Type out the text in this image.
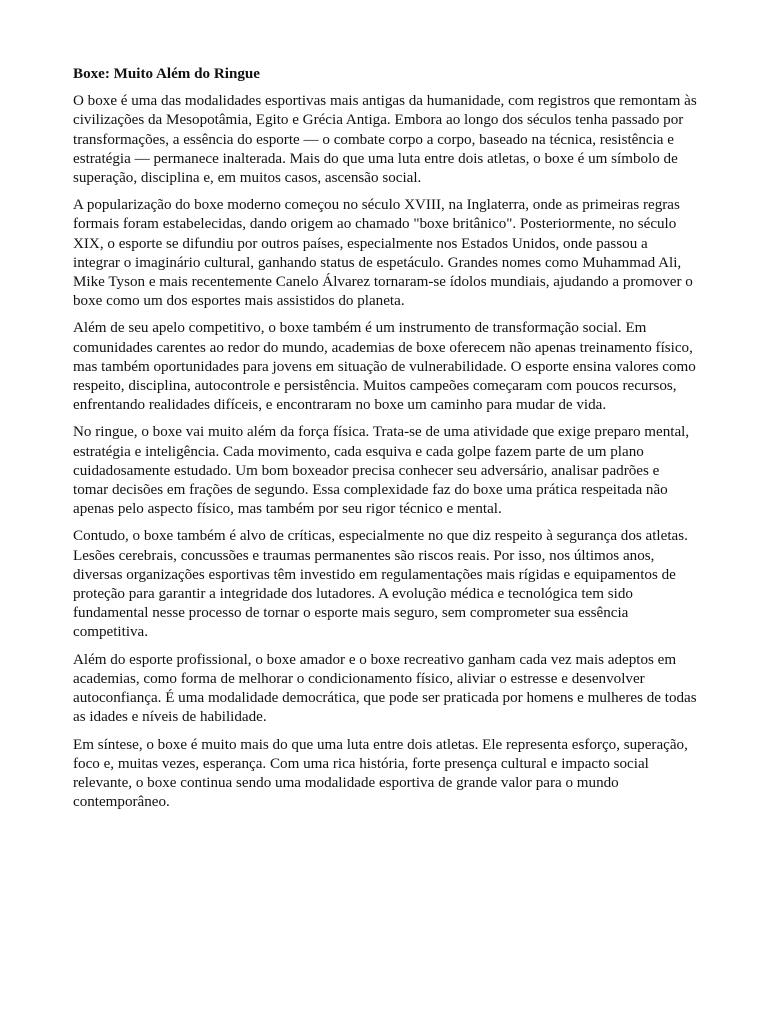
Boxe: Muito Além do Ringue

O boxe é uma das modalidades esportivas mais antigas da humanidade, com registros que remontam às civilizações da Mesopotâmia, Egito e Grécia Antiga. Embora ao longo dos séculos tenha passado por transformações, a essência do esporte — o combate corpo a corpo, baseado na técnica, resistência e estratégia — permanece inalterada. Mais do que uma luta entre dois atletas, o boxe é um símbolo de superação, disciplina e, em muitos casos, ascensão social.

A popularização do boxe moderno começou no século XVIII, na Inglaterra, onde as primeiras regras formais foram estabelecidas, dando origem ao chamado "boxe britânico". Posteriormente, no século XIX, o esporte se difundiu por outros países, especialmente nos Estados Unidos, onde passou a integrar o imaginário cultural, ganhando status de espetáculo. Grandes nomes como Muhammad Ali, Mike Tyson e mais recentemente Canelo Álvarez tornaram-se ídolos mundiais, ajudando a promover o boxe como um dos esportes mais assistidos do planeta.

Além de seu apelo competitivo, o boxe também é um instrumento de transformação social. Em comunidades carentes ao redor do mundo, academias de boxe oferecem não apenas treinamento físico, mas também oportunidades para jovens em situação de vulnerabilidade. O esporte ensina valores como respeito, disciplina, autocontrole e persistência. Muitos campeões começaram com poucos recursos, enfrentando realidades difíceis, e encontraram no boxe um caminho para mudar de vida.

No ringue, o boxe vai muito além da força física. Trata-se de uma atividade que exige preparo mental, estratégia e inteligência. Cada movimento, cada esquiva e cada golpe fazem parte de um plano cuidadosamente estudado. Um bom boxeador precisa conhecer seu adversário, analisar padrões e tomar decisões em frações de segundo. Essa complexidade faz do boxe uma prática respeitada não apenas pelo aspecto físico, mas também por seu rigor técnico e mental.

Contudo, o boxe também é alvo de críticas, especialmente no que diz respeito à segurança dos atletas. Lesões cerebrais, concussões e traumas permanentes são riscos reais. Por isso, nos últimos anos, diversas organizações esportivas têm investido em regulamentações mais rígidas e equipamentos de proteção para garantir a integridade dos lutadores. A evolução médica e tecnológica tem sido fundamental nesse processo de tornar o esporte mais seguro, sem comprometer sua essência competitiva.

Além do esporte profissional, o boxe amador e o boxe recreativo ganham cada vez mais adeptos em academias, como forma de melhorar o condicionamento físico, aliviar o estresse e desenvolver autoconfiança. É uma modalidade democrática, que pode ser praticada por homens e mulheres de todas as idades e níveis de habilidade.

Em síntese, o boxe é muito mais do que uma luta entre dois atletas. Ele representa esforço, superação, foco e, muitas vezes, esperança. Com uma rica história, forte presença cultural e impacto social relevante, o boxe continua sendo uma modalidade esportiva de grande valor para o mundo contemporâneo.
